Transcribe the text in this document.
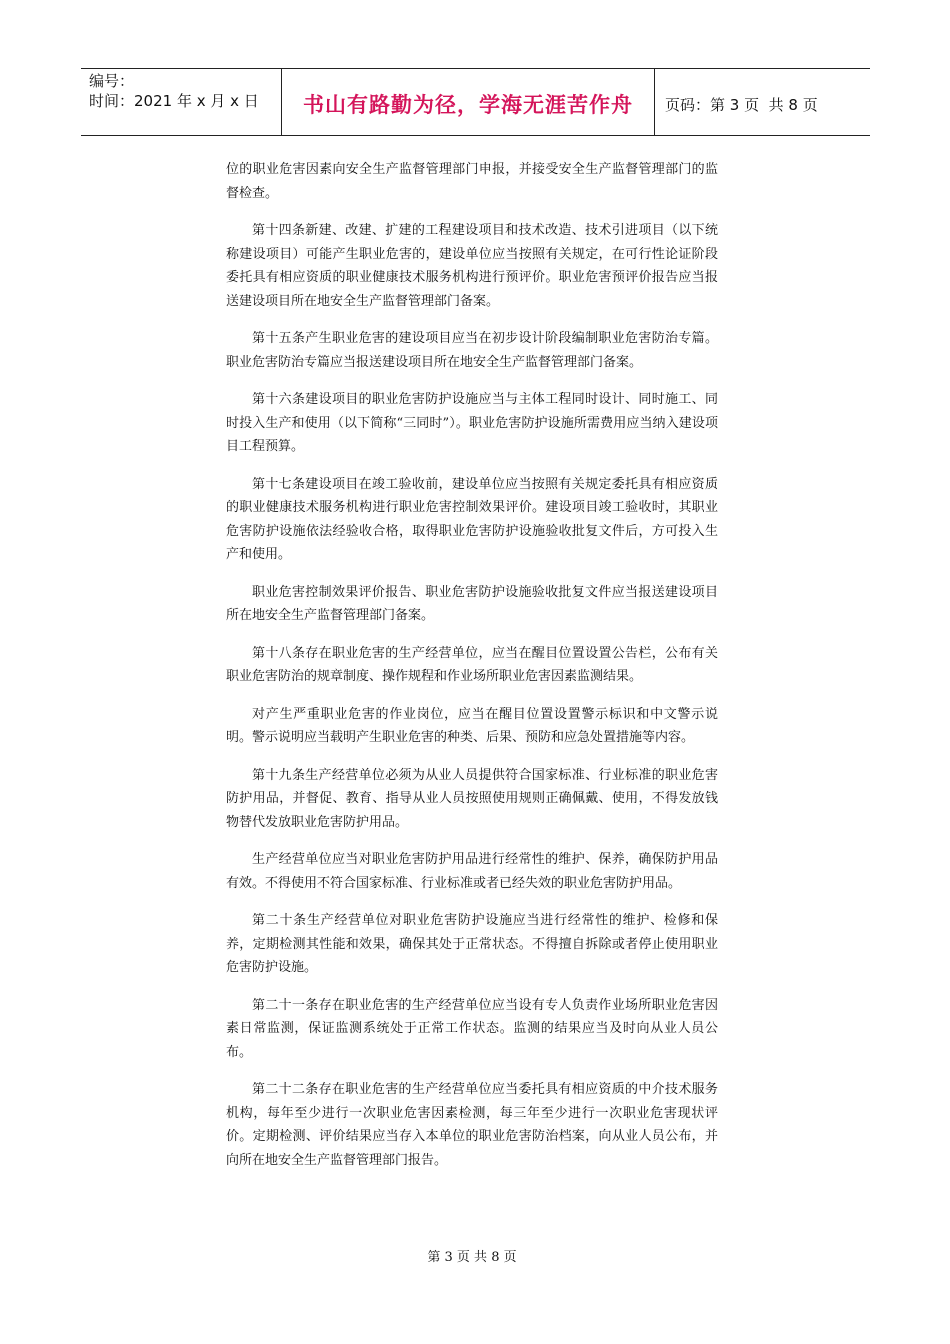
编号：
时间：2021 年 x 月 x 日	书山有路勤为径，学海无涯苦作舟	页码：第 3 页  共 8 页

位的职业危害因素向安全生产监督管理部门申报，并接受安全生产监督管理部门的监督检查。

第十四条新建、改建、扩建的工程建设项目和技术改造、技术引进项目（以下统称建设项目）可能产生职业危害的，建设单位应当按照有关规定，在可行性论证阶段委托具有相应资质的职业健康技术服务机构进行预评价。职业危害预评价报告应当报送建设项目所在地安全生产监督管理部门备案。

第十五条产生职业危害的建设项目应当在初步设计阶段编制职业危害防治专篇。职业危害防治专篇应当报送建设项目所在地安全生产监督管理部门备案。

第十六条建设项目的职业危害防护设施应当与主体工程同时设计、同时施工、同时投入生产和使用（以下简称“三同时”）。职业危害防护设施所需费用应当纳入建设项目工程预算。

第十七条建设项目在竣工验收前，建设单位应当按照有关规定委托具有相应资质的职业健康技术服务机构进行职业危害控制效果评价。建设项目竣工验收时，其职业危害防护设施依法经验收合格，取得职业危害防护设施验收批复文件后，方可投入生产和使用。

职业危害控制效果评价报告、职业危害防护设施验收批复文件应当报送建设项目所在地安全生产监督管理部门备案。

第十八条存在职业危害的生产经营单位，应当在醒目位置设置公告栏，公布有关职业危害防治的规章制度、操作规程和作业场所职业危害因素监测结果。

对产生严重职业危害的作业岗位，应当在醒目位置设置警示标识和中文警示说明。警示说明应当载明产生职业危害的种类、后果、预防和应急处置措施等内容。

第十九条生产经营单位必须为从业人员提供符合国家标准、行业标准的职业危害防护用品，并督促、教育、指导从业人员按照使用规则正确佩戴、使用，不得发放钱物替代发放职业危害防护用品。

生产经营单位应当对职业危害防护用品进行经常性的维护、保养，确保防护用品有效。不得使用不符合国家标准、行业标准或者已经失效的职业危害防护用品。

第二十条生产经营单位对职业危害防护设施应当进行经常性的维护、检修和保养，定期检测其性能和效果，确保其处于正常状态。不得擅自拆除或者停止使用职业危害防护设施。

第二十一条存在职业危害的生产经营单位应当设有专人负责作业场所职业危害因素日常监测，保证监测系统处于正常工作状态。监测的结果应当及时向从业人员公布。

第二十二条存在职业危害的生产经营单位应当委托具有相应资质的中介技术服务机构，每年至少进行一次职业危害因素检测，每三年至少进行一次职业危害现状评价。定期检测、评价结果应当存入本单位的职业危害防治档案，向从业人员公布，并向所在地安全生产监督管理部门报告。

第 3 页 共 8 页
